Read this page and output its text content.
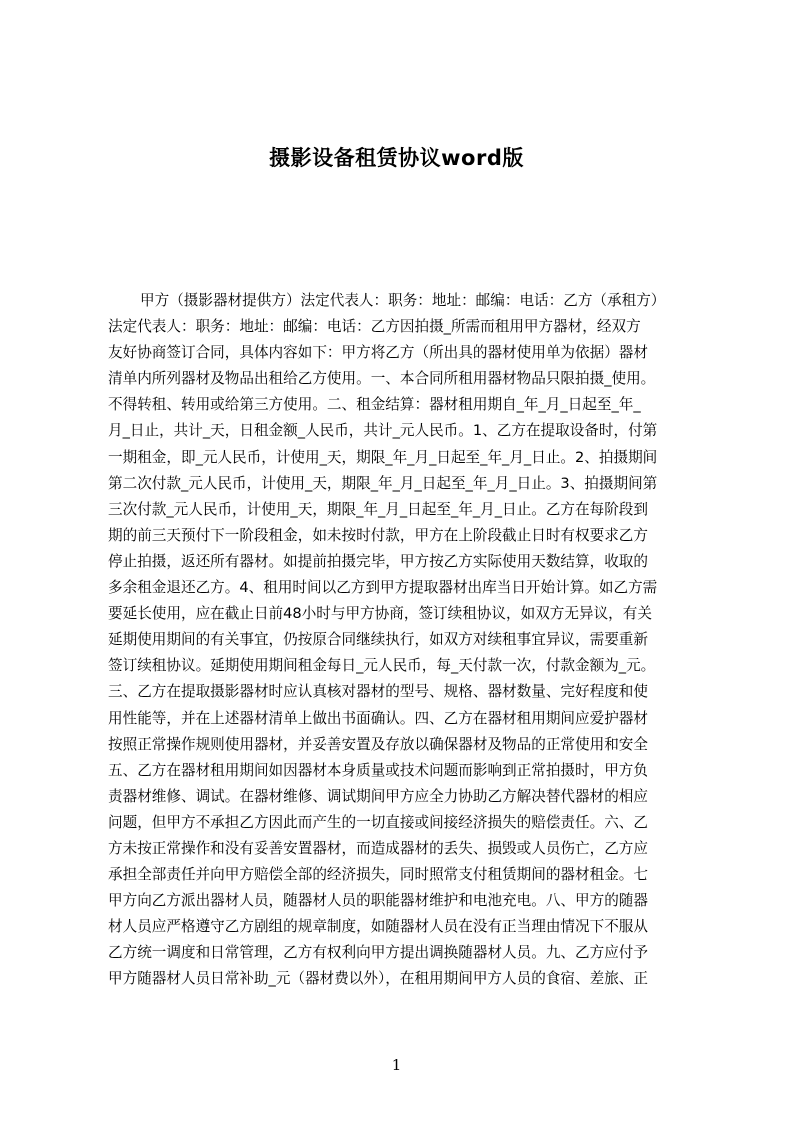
摄影设备租赁协议word版
甲方（摄影器材提供方）法定代表人：职务：地址：邮编：电话：乙方（承租方）
法定代表人：职务：地址：邮编：电话：乙方因拍摄_所需而租用甲方器材，经双方
友好协商签订合同，具体内容如下：甲方将乙方（所出具的器材使用单为依据）器材
清单内所列器材及物品出租给乙方使用。一、本合同所租用器材物品只限拍摄_使用。
不得转租、转用或给第三方使用。二、租金结算：器材租用期自_年_月_日起至_年_
月_日止，共计_天，日租金额_人民币，共计_元人民币。1、乙方在提取设备时，付第
一期租金，即_元人民币，计使用_天，期限_年_月_日起至_年_月_日止。2、拍摄期间
第二次付款_元人民币，计使用_天，期限_年_月_日起至_年_月_日止。3、拍摄期间第
三次付款_元人民币，计使用_天，期限_年_月_日起至_年_月_日止。乙方在每阶段到
期的前三天预付下一阶段租金，如未按时付款，甲方在上阶段截止日时有权要求乙方
停止拍摄，返还所有器材。如提前拍摄完毕，甲方按乙方实际使用天数结算，收取的
多余租金退还乙方。4、租用时间以乙方到甲方提取器材出库当日开始计算。如乙方需
要延长使用，应在截止日前48小时与甲方协商，签订续租协议，如双方无异议，有关
延期使用期间的有关事宜，仍按原合同继续执行，如双方对续租事宜异议，需要重新
签订续租协议。延期使用期间租金每日_元人民币，每_天付款一次，付款金额为_元。
三、乙方在提取摄影器材时应认真核对器材的型号、规格、器材数量、完好程度和使
用性能等，并在上述器材清单上做出书面确认。四、乙方在器材租用期间应爱护器材
按照正常操作规则使用器材，并妥善安置及存放以确保器材及物品的正常使用和安全
五、乙方在器材租用期间如因器材本身质量或技术问题而影响到正常拍摄时，甲方负
责器材维修、调试。在器材维修、调试期间甲方应全力协助乙方解决替代器材的相应
问题，但甲方不承担乙方因此而产生的一切直接或间接经济损失的赔偿责任。六、乙
方未按正常操作和没有妥善安置器材，而造成器材的丢失、损毁或人员伤亡，乙方应
承担全部责任并向甲方赔偿全部的经济损失，同时照常支付租赁期间的器材租金。七
甲方向乙方派出器材人员，随器材人员的职能器材维护和电池充电。八、甲方的随器
材人员应严格遵守乙方剧组的规章制度，如随器材人员在没有正当理由情况下不服从
乙方统一调度和日常管理，乙方有权利向甲方提出调换随器材人员。九、乙方应付予
甲方随器材人员日常补助_元（器材费以外），在租用期间甲方人员的食宿、差旅、正
1
